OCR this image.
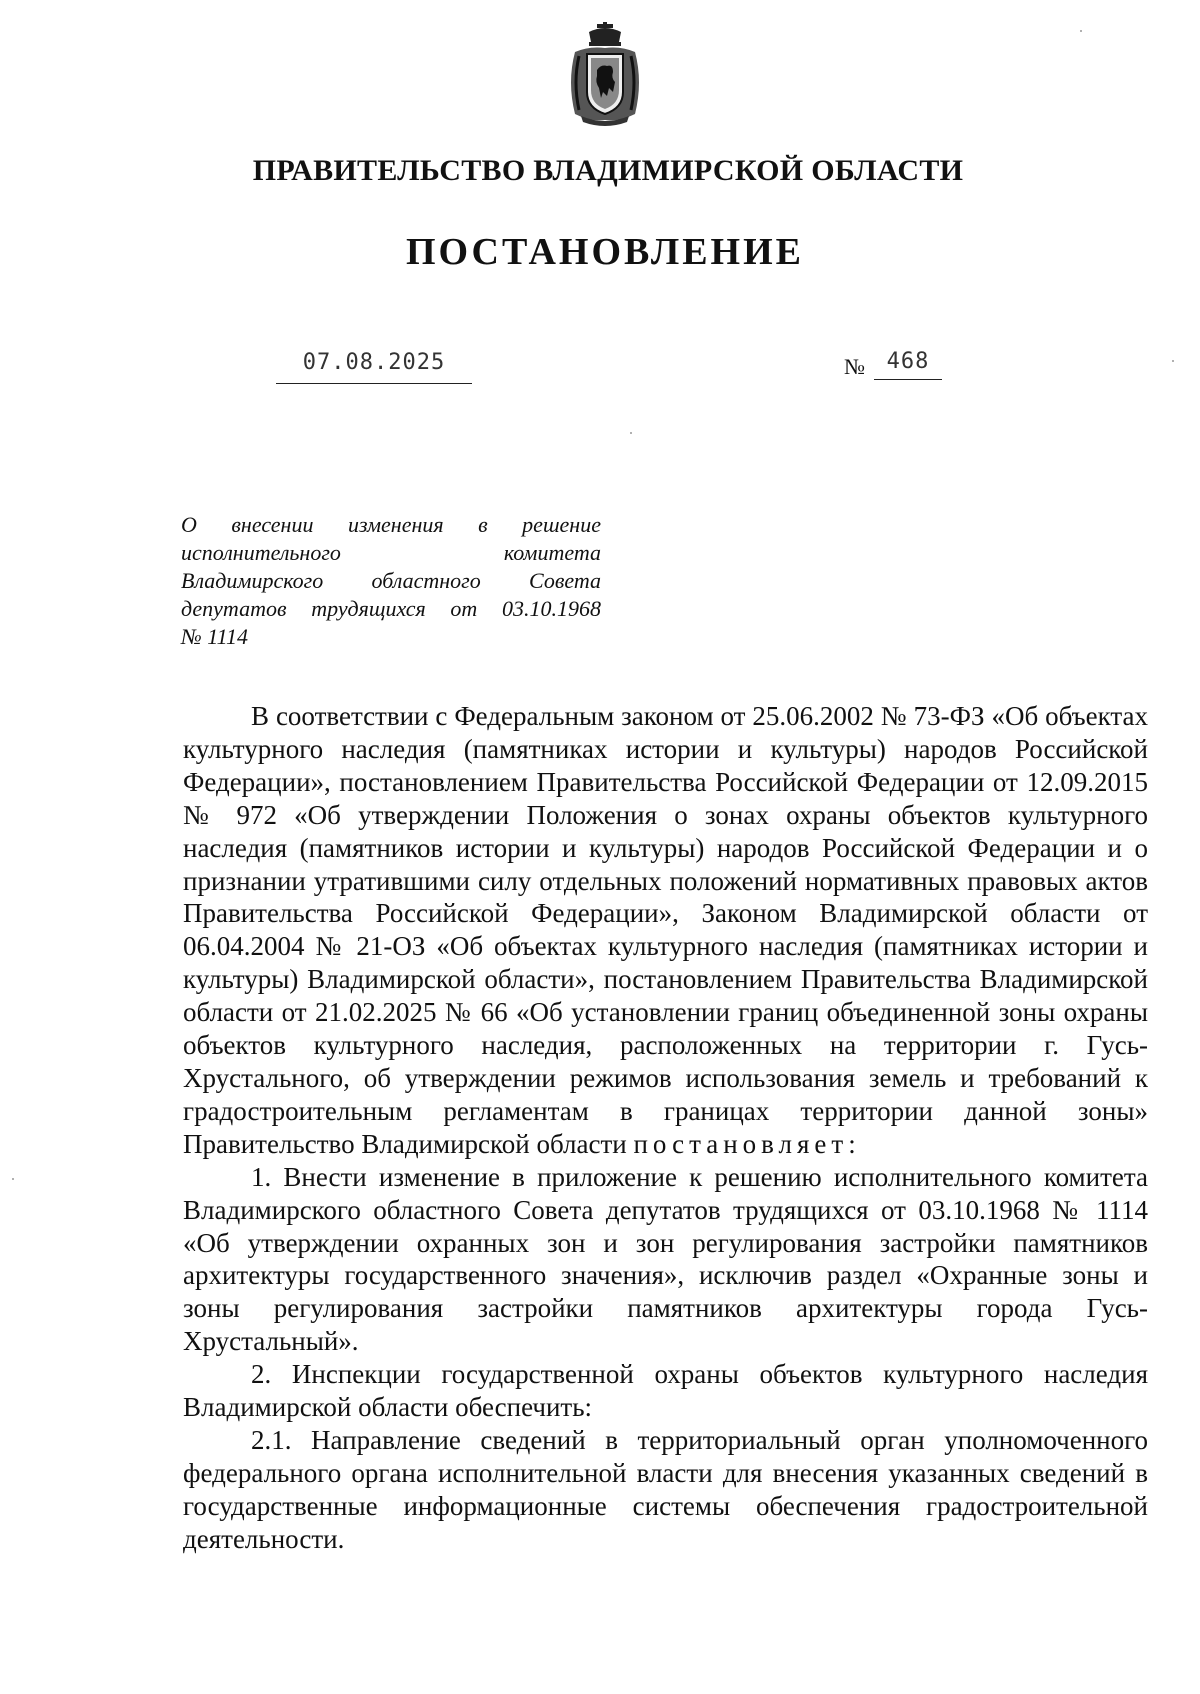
ПРАВИТЕЛЬСТВО ВЛАДИМИРСКОЙ ОБЛАСТИ
ПОСТАНОВЛЕНИЕ
07.08.2025	№ 468
О внесении изменения в решение
исполнительного комитета
Владимирского областного Совета
депутатов трудящихся от 03.10.1968
№ 1114

В соответствии с Федеральным законом от 25.06.2002 № 73-ФЗ «Об объектах культурного наследия (памятниках истории и культуры) народов Российской Федерации», постановлением Правительства Российской Федерации от 12.09.2015 № 972 «Об утверждении Положения о зонах охраны объектов культурного наследия (памятников истории и культуры) народов Российской Федерации и о признании утратившими силу отдельных положений нормативных правовых актов Правительства Российской Федерации», Законом Владимирской области от 06.04.2004 № 21-ОЗ «Об объектах культурного наследия (памятниках истории и культуры) Владимирской области», постановлением Правительства Владимирской области от 21.02.2025 № 66 «Об установлении границ объединенной зоны охраны объектов культурного наследия, расположенных на территории г. Гусь-Хрустального, об утверждении режимов использования земель и требований к градостроительным регламентам в границах территории данной зоны» Правительство Владимирской области постановляет:

1. Внести изменение в приложение к решению исполнительного комитета Владимирского областного Совета депутатов трудящихся от 03.10.1968 № 1114 «Об утверждении охранных зон и зон регулирования застройки памятников архитектуры государственного значения», исключив раздел «Охранные зоны и зоны регулирования застройки памятников архитектуры города Гусь-Хрустальный».

2. Инспекции государственной охраны объектов культурного наследия Владимирской области обеспечить:

2.1. Направление сведений в территориальный орган уполномоченного федерального органа исполнительной власти для внесения указанных сведений в государственные информационные системы обеспечения градостроительной деятельности.
